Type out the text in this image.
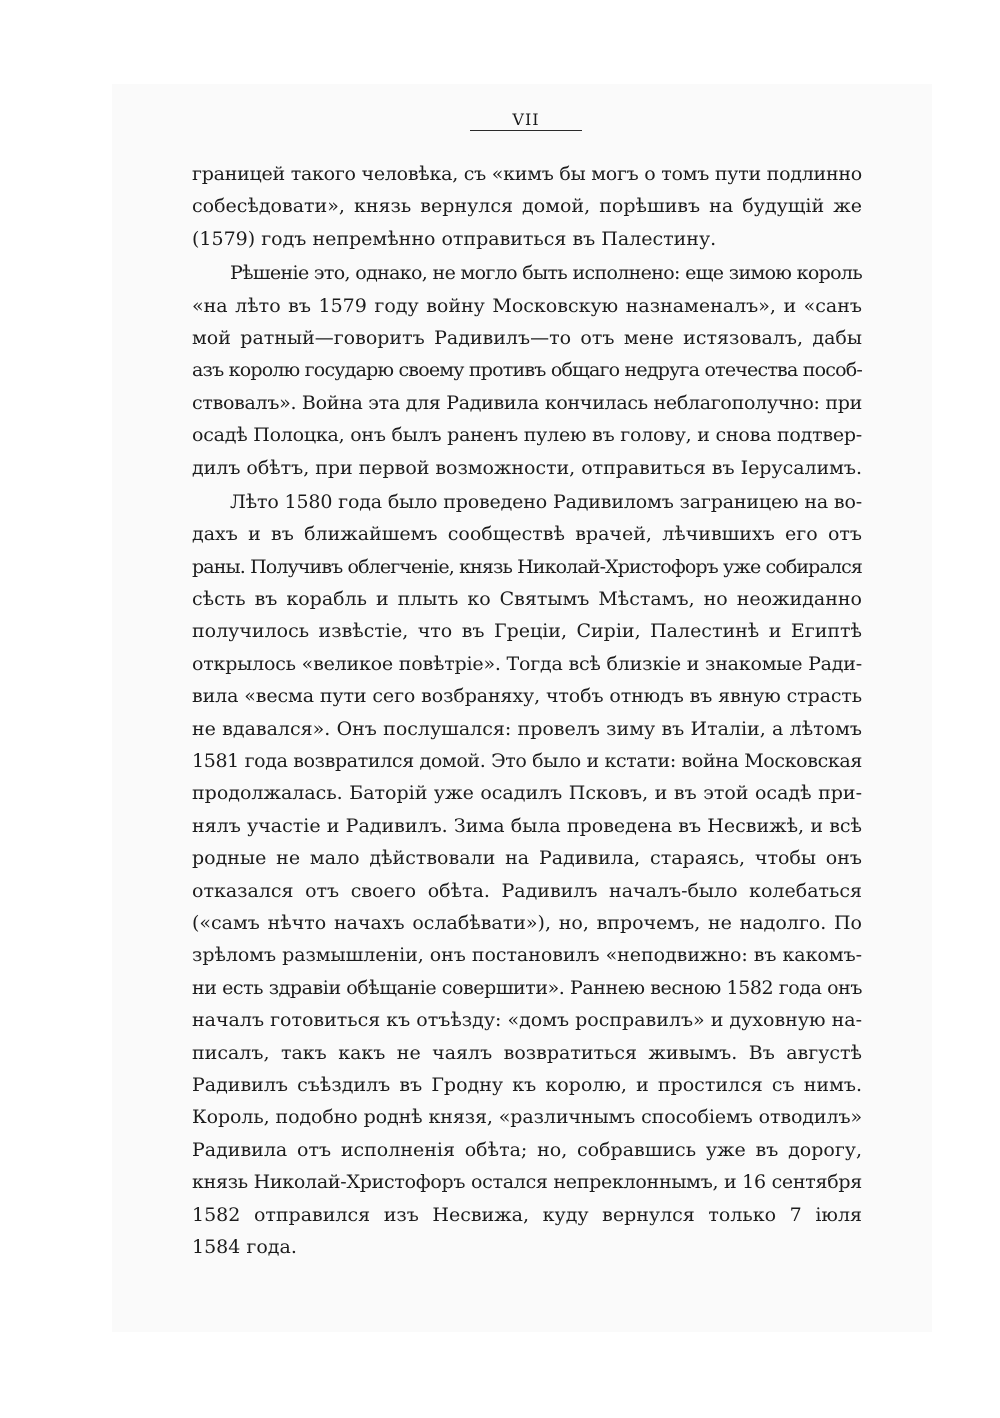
VII
границей такого человѣка, съ «кимъ бы могъ о томъ пути подлинно
собесѣдовати», князь вернулся домой, порѣшивъ на будущій же
(1579) годъ непремѣнно отправиться въ Палестину.
Рѣшеніе это, однако, не могло быть исполнено: еще зимою король
«на лѣто въ 1579 году войну Московскую назнаменалъ», и «санъ
мой ратный—говоритъ Радивилъ—то отъ мене истязовалъ, дабы
азъ королю государю своему противъ общагo недруга отечества пособ-
ствовалъ». Война эта для Радивила кончилась неблагополучно: при
осадѣ Полоцка, онъ былъ раненъ пулею въ голову, и снова подтвер-
дилъ обѣтъ, при первой возможности, отправиться въ Іерусалимъ.
Лѣто 1580 года было проведено Радивиломъ заграницею на во-
дахъ и въ ближайшемъ сообществѣ врачей, лѣчившихъ его отъ
раны. Получивъ облегченіе, князь Николай-Христофоръ уже собирался
сѣсть въ корабль и плыть ко Святымъ Мѣстамъ, но неожиданно
получилось извѣстіе, что въ Греціи, Сиріи, Палестинѣ и Египтѣ
открылось «великое повѣтріе». Тогда всѣ близкіе и знакомые Ради-
вила «весма пути сего возбраняху, чтобъ отнюдъ въ явную страсть
не вдавался». Онъ послушался: провелъ зиму въ Италіи, а лѣтомъ
1581 года возвратился домой. Это было и кстати: война Московская
продолжалась. Баторій уже осадилъ Псковъ, и въ этой осадѣ при-
нялъ участіе и Радивилъ. Зима была проведена въ Несвижѣ, и всѣ
родные не мало дѣйствовали на Радивила, стараясь, чтобы онъ
отказался отъ своего обѣта. Радивилъ началъ-было колебаться
(«самъ нѣчто начахъ ослабѣвати»), но, впрочемъ, не надолго. По
зрѣломъ размышленіи, онъ постановилъ «неподвижно: въ какомъ-
ни есть здравіи обѣщаніе совершити». Раннею весною 1582 года онъ
началъ готовиться къ отъѣзду: «домъ росправилъ» и духовную на-
писалъ, такъ какъ не чаялъ возвратиться живымъ. Въ августѣ
Радивилъ съѣздилъ въ Гродну къ королю, и простился съ нимъ.
Король, подобно роднѣ князя, «различнымъ способіемъ отводилъ»
Радивила отъ исполненія обѣта; но, собравшись уже въ дорогу,
князь Николай-Христофоръ остался непреклоннымъ, и 16 сентября
1582 отправился изъ Несвижа, куду вернулся только 7 іюля
1584 года.
